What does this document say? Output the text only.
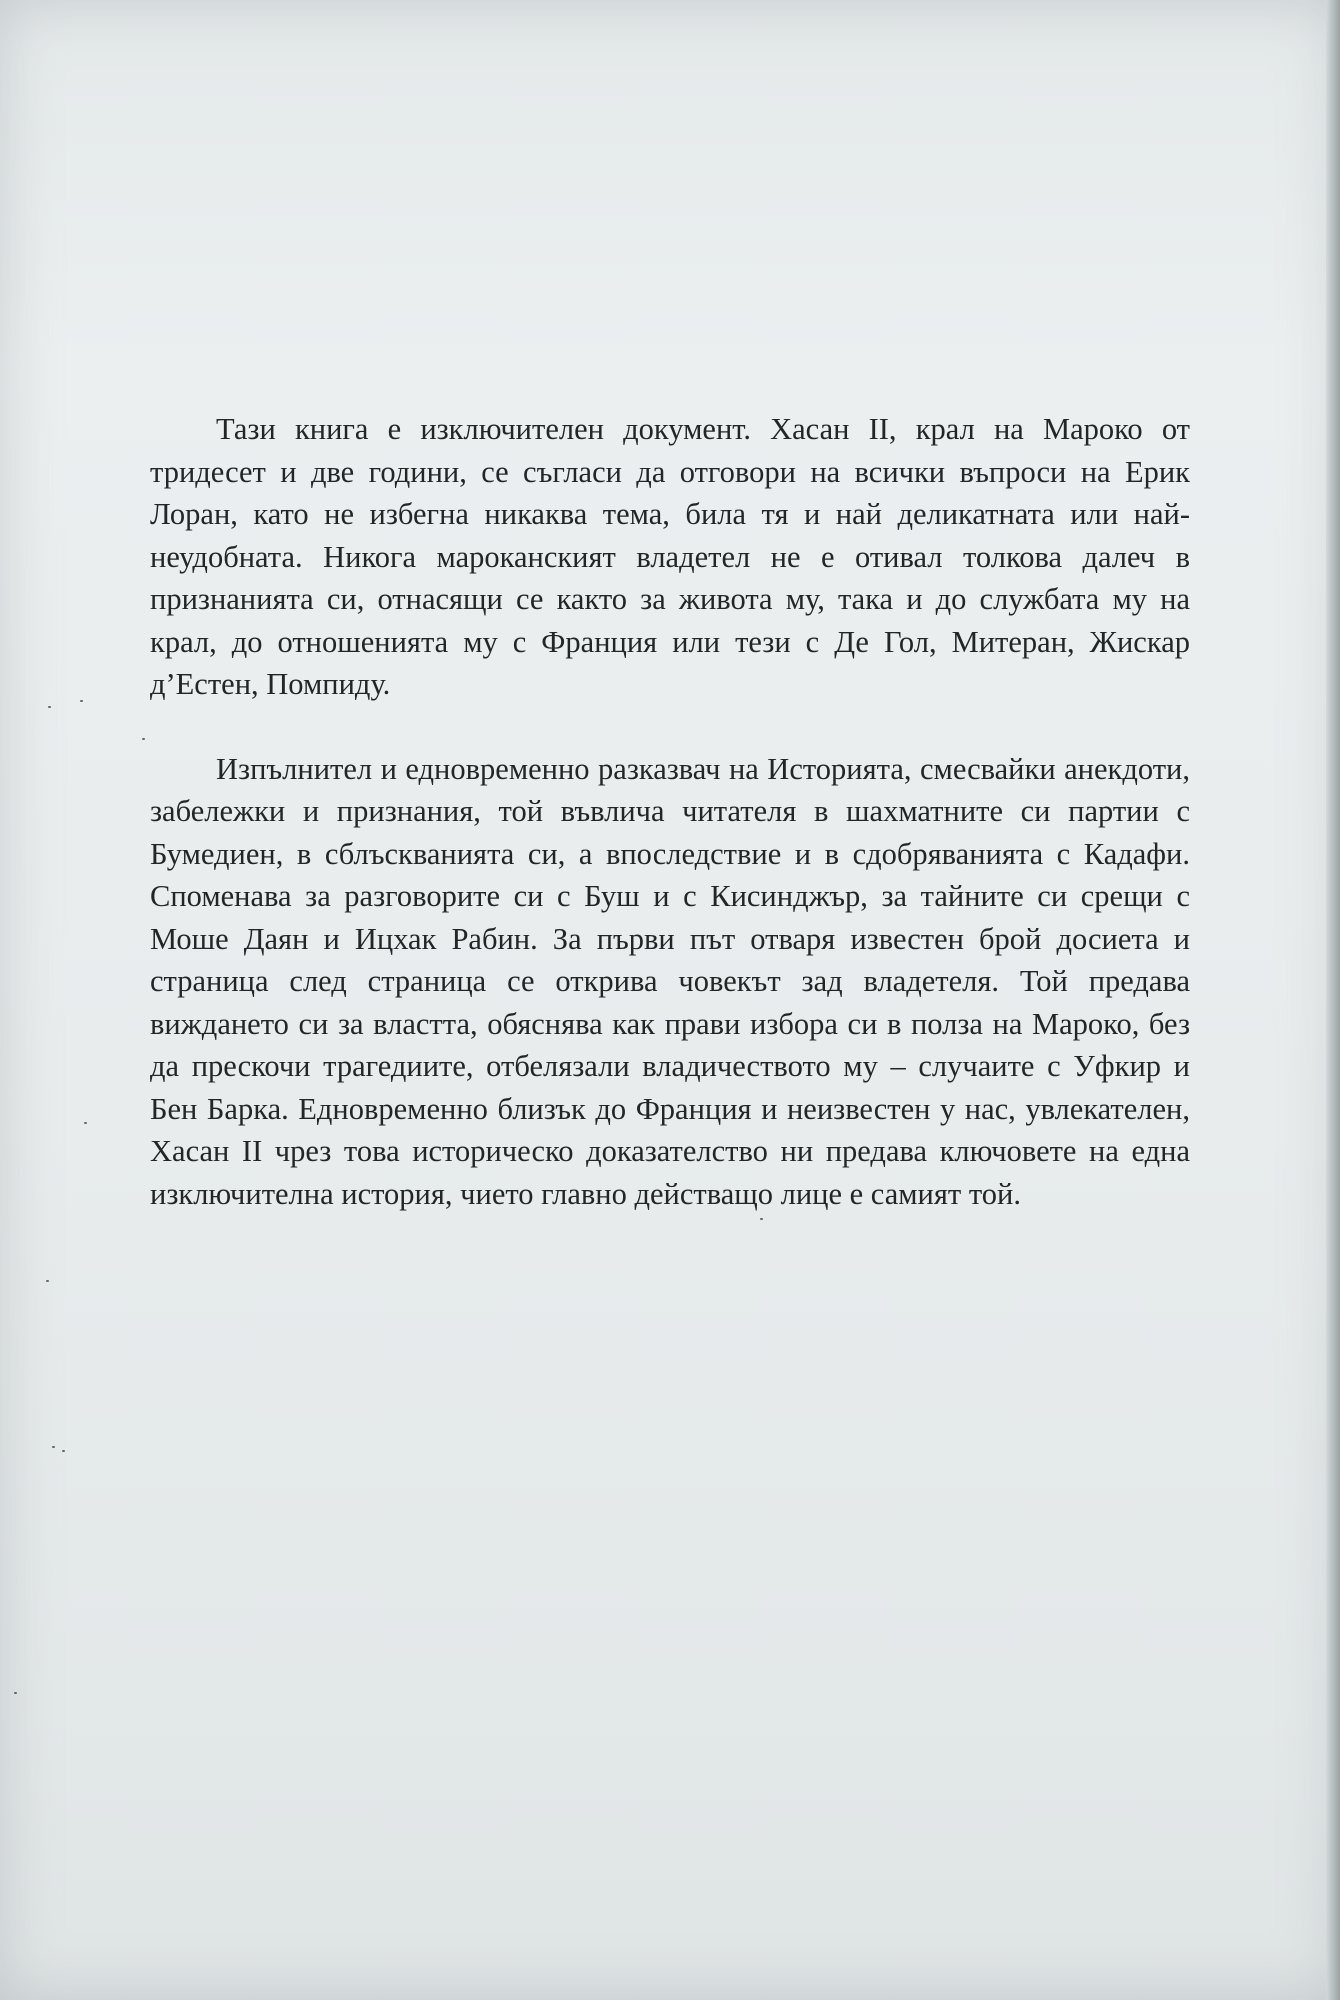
Тази книга е изключителен документ. Хасан II, крал на Мароко от тридесет и две години, се съгласи да отговори на всички въпроси на Ерик Лоран, като не избегна никаква тема, била тя и най деликатната или най-неудобната. Никога мароканският владетел не е отивал толкова далеч в признанията си, отнасящи се както за живота му, така и до службата му на крал, до отношенията му с Франция или тези с Де Гол, Митеран, Жискар д’Естен, Помпиду.

Изпълнител и едновременно разказвач на Историята, смесвайки анекдоти, забележки и признания, той въвлича читателя в шахматните си партии с Бумедиен, в сблъскванията си, а впоследствие и в сдобряванията с Кадафи. Споменава за разговорите си с Буш и с Кисинджър, за тайните си срещи с Моше Даян и Ицхак Рабин. За първи път отваря известен брой досиета и страница след страница се открива човекът зад владетеля. Той предава виждането си за властта, обяснява как прави избора си в полза на Мароко, без да прескочи трагедиите, отбелязали владичеството му – случаите с Уфкир и Бен Барка. Едновременно близък до Франция и неизвестен у нас, увлекателен, Хасан II чрез това историческо доказателство ни предава ключовете на една изключителна история, чието главно действащо лице е самият той.
